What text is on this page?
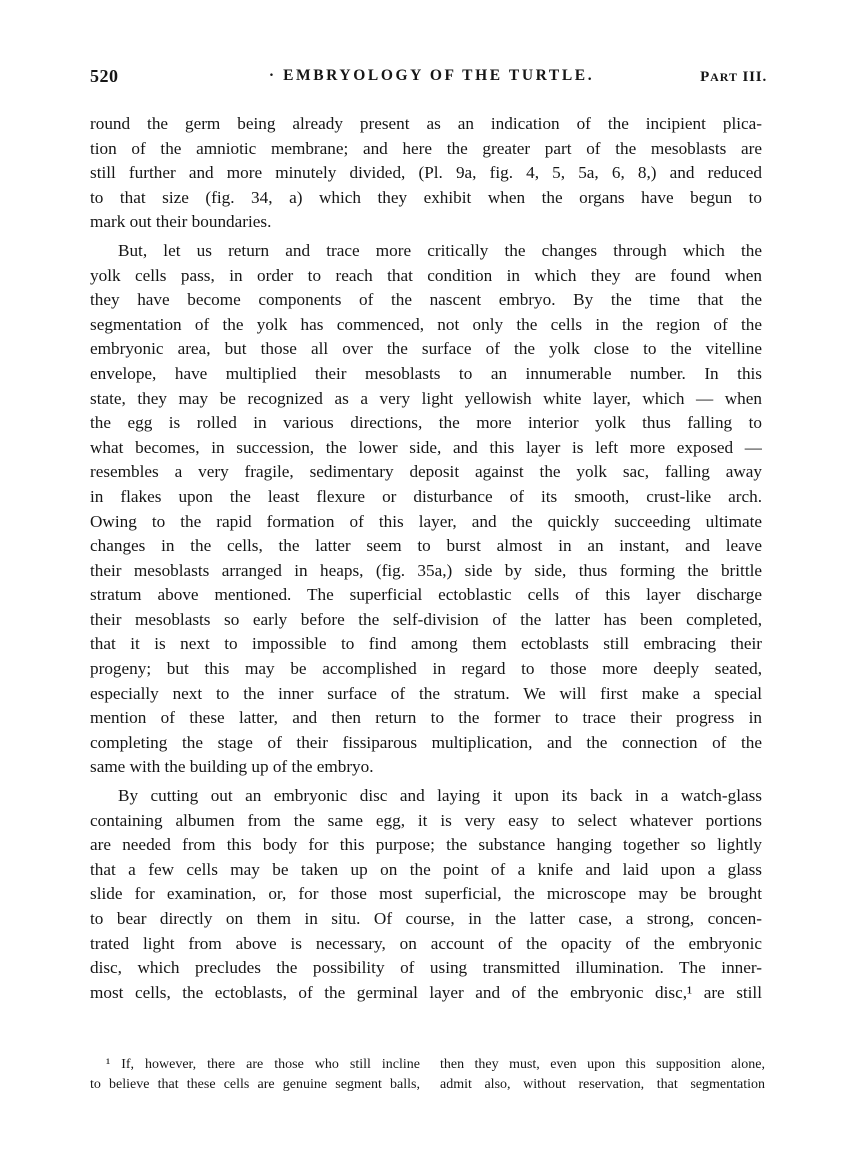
520	· EMBRYOLOGY OF THE TURTLE.	PART III.
round the germ being already present as an indication of the incipient plica-
tion of the amniotic membrane; and here the greater part of the mesoblasts are
still further and more minutely divided, (Pl. 9a, fig. 4, 5, 5a, 6, 8,) and reduced
to that size (fig. 34, a) which they exhibit when the organs have begun to
mark out their boundaries.
But, let us return and trace more critically the changes through which the
yolk cells pass, in order to reach that condition in which they are found when
they have become components of the nascent embryo. By the time that the
segmentation of the yolk has commenced, not only the cells in the region of the
embryonic area, but those all over the surface of the yolk close to the vitelline
envelope, have multiplied their mesoblasts to an innumerable number. In this
state, they may be recognized as a very light yellowish white layer, which — when
the egg is rolled in various directions, the more interior yolk thus falling to
what becomes, in succession, the lower side, and this layer is left more exposed —
resembles a very fragile, sedimentary deposit against the yolk sac, falling away
in flakes upon the least flexure or disturbance of its smooth, crust-like arch.
Owing to the rapid formation of this layer, and the quickly succeeding ultimate
changes in the cells, the latter seem to burst almost in an instant, and leave
their mesoblasts arranged in heaps, (fig. 35a,) side by side, thus forming the brittle
stratum above mentioned. The superficial ectoblastic cells of this layer discharge
their mesoblasts so early before the self-division of the latter has been completed,
that it is next to impossible to find among them ectoblasts still embracing their
progeny; but this may be accomplished in regard to those more deeply seated,
especially next to the inner surface of the stratum. We will first make a special
mention of these latter, and then return to the former to trace their progress in
completing the stage of their fissiparous multiplication, and the connection of the
same with the building up of the embryo.
By cutting out an embryonic disc and laying it upon its back in a watch-glass
containing albumen from the same egg, it is very easy to select whatever portions
are needed from this body for this purpose; the substance hanging together so lightly
that a few cells may be taken up on the point of a knife and laid upon a glass
slide for examination, or, for those most superficial, the microscope may be brought
to bear directly on them in situ. Of course, in the latter case, a strong, concen-
trated light from above is necessary, on account of the opacity of the embryonic
disc, which precludes the possibility of using transmitted illumination. The inner-
most cells, the ectoblasts, of the germinal layer and of the embryonic disc,¹ are still
¹ If, however, there are those who still incline
to believe that these cells are genuine segment balls,
then they must, even upon this supposition alone,
admit also, without reservation, that segmentation
